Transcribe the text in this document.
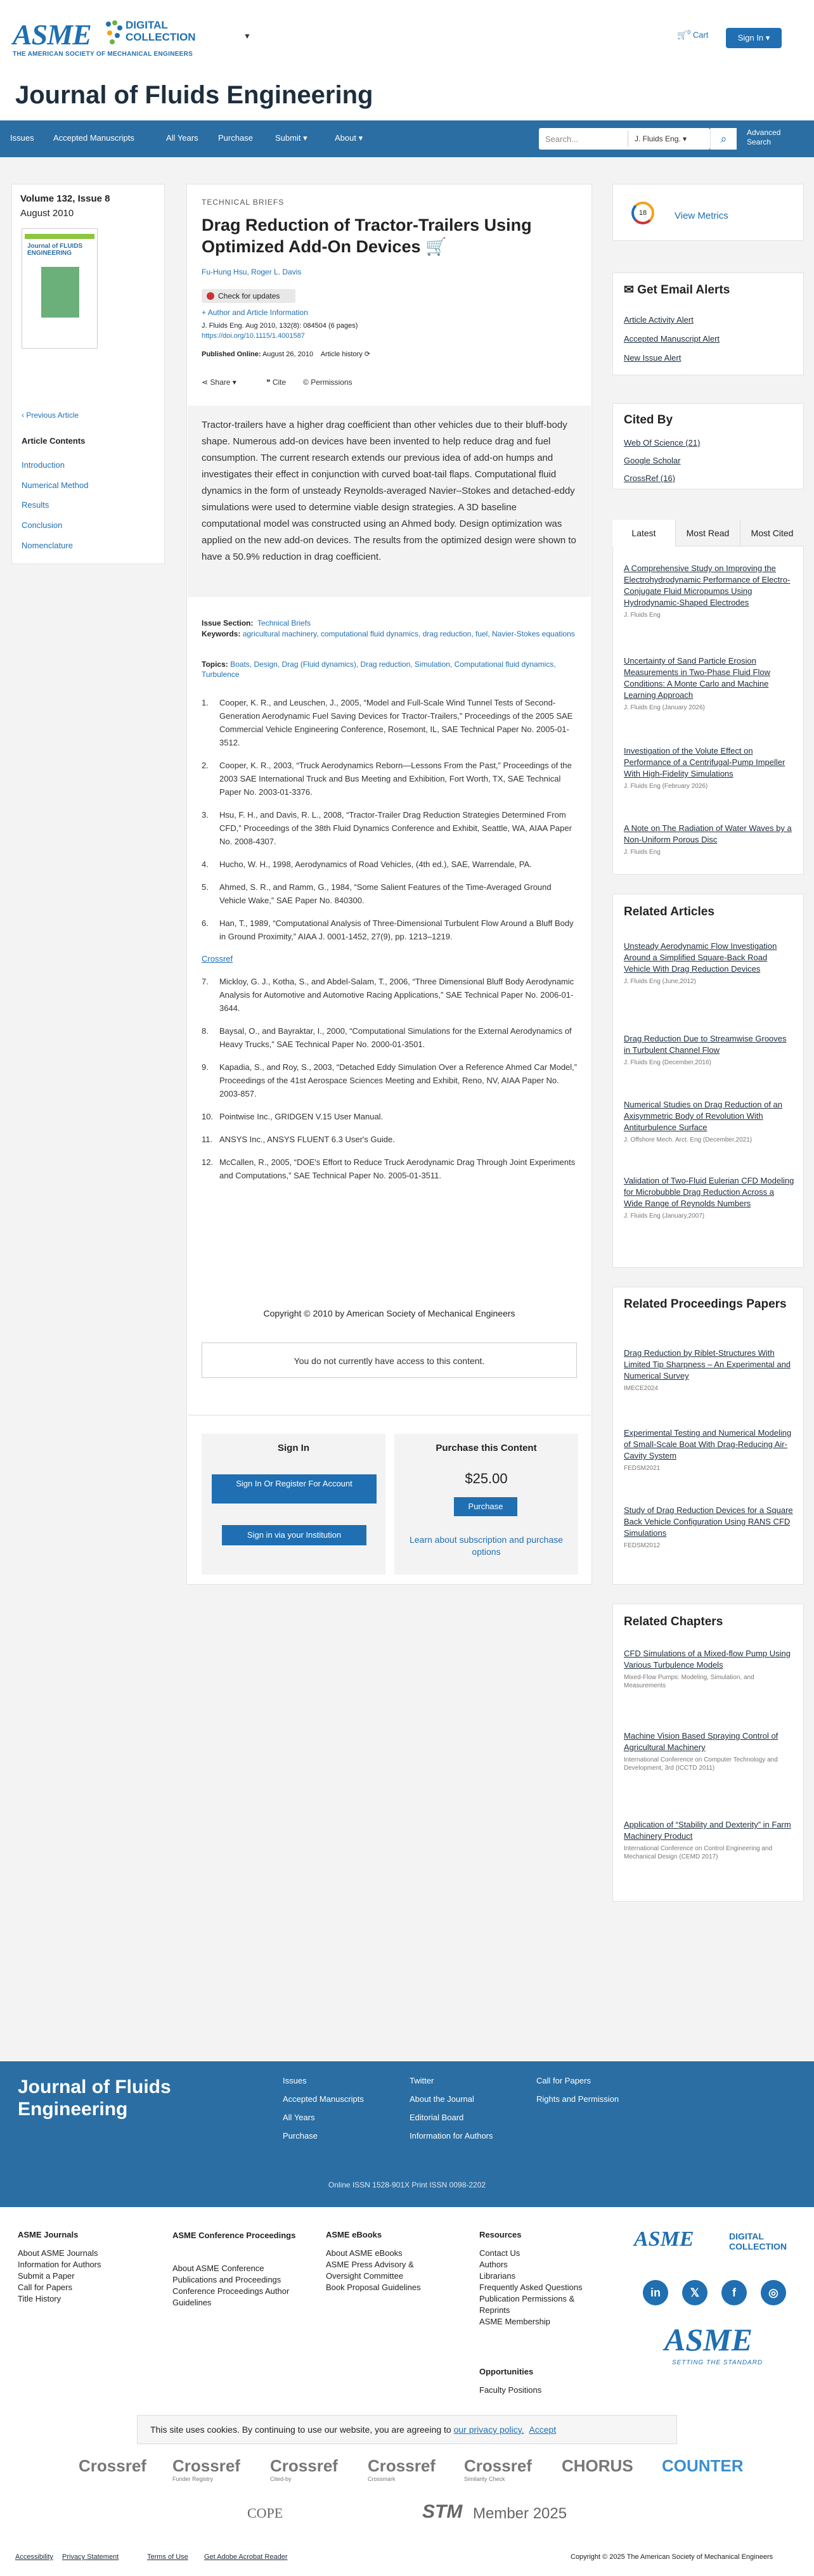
ASME	DIGITAL
COLLECTION
THE AMERICAN SOCIETY OF MECHANICAL ENGINEERS
▼	🛒$^0$ Cart	Sign In ▾
Journal of Fluids Engineering
Issues Accepted Manuscripts	All Years Purchase	Submit ▾	About ▾	Search...	J. Fluids Eng. ▾	⌕	Advanced
Search
Volume 132, Issue 8
August 2010
Journal of FLUIDS ENGINEERING
‹ Previous Article
Article Contents
Introduction
Numerical Method
Results
Conclusion
Nomenclature
TECHNICAL BRIEFS
Drag Reduction of Tractor-Trailers Using Optimized Add-On Devices 🛒
Fu-Hung Hsu, Roger L. Davis
Check for updates
+ Author and Article Information
J. Fluids Eng. Aug 2010, 132(8): 084504 (6 pages)
https://doi.org/10.1115/1.4001587
Published Online: August 26, 2010 Article history ⟳
⋖ Share ▾	❝ Cite © Permissions
Tractor-trailers have a higher drag coefficient than other vehicles due to their bluff-body shape. Numerous add-on devices have been invented to help reduce drag and fuel consumption. The current research extends our previous idea of add-on humps and investigates their effect in conjunction with curved boat-tail flaps. Computational fluid dynamics in the form of unsteady Reynolds-averaged Navier–Stokes and detached-eddy simulations were used to determine viable design strategies. A 3D baseline computational model was constructed using an Ahmed body. Design optimization was applied on the new add-on devices. The results from the optimized design were shown to have a 50.9% reduction in drag coefficient.
Issue Section: Technical Briefs
Keywords: agricultural machinery, computational fluid dynamics, drag reduction, fuel, Navier-Stokes equations
Topics: Boats, Design, Drag (Fluid dynamics), Drag reduction, Simulation, Computational fluid dynamics, Turbulence
1. Cooper, K. R., and Leuschen, J., 2005, “Model and Full-Scale Wind Tunnel Tests of Second-Generation Aerodynamic Fuel Saving Devices for Tractor-Trailers,” Proceedings of the 2005 SAE Commercial Vehicle Engineering Conference, Rosemont, IL, SAE Technical Paper No. 2005-01-3512.
2. Cooper, K. R., 2003, “Truck Aerodynamics Reborn—Lessons From the Past,” Proceedings of the 2003 SAE International Truck and Bus Meeting and Exhibition, Fort Worth, TX, SAE Technical Paper No. 2003-01-3376.
3. Hsu, F. H., and Davis, R. L., 2008, “Tractor-Trailer Drag Reduction Strategies Determined From CFD,” Proceedings of the 38th Fluid Dynamics Conference and Exhibit, Seattle, WA, AIAA Paper No. 2008-4307.
4. Hucho, W. H., 1998, Aerodynamics of Road Vehicles, (4th ed.), SAE, Warrendale, PA.
5. Ahmed, S. R., and Ramm, G., 1984, “Some Salient Features of the Time-Averaged Ground Vehicle Wake,” SAE Paper No. 840300.
6. Han, T., 1989, “Computational Analysis of Three-Dimensional Turbulent Flow Around a Bluff Body in Ground Proximity,” AIAA J. 0001-1452, 27(9), pp. 1213–1219.
Crossref
7. Mickloy, G. J., Kotha, S., and Abdel-Salam, T., 2006, “Three Dimensional Bluff Body Aerodynamic Analysis for Automotive and Automotive Racing Applications,” SAE Technical Paper No. 2006-01-3644.
8. Baysal, O., and Bayraktar, I., 2000, “Computational Simulations for the External Aerodynamics of Heavy Trucks,” SAE Technical Paper No. 2000-01-3501.
9. Kapadia, S., and Roy, S., 2003, “Detached Eddy Simulation Over a Reference Ahmed Car Model,” Proceedings of the 41st Aerospace Sciences Meeting and Exhibit, Reno, NV, AIAA Paper No. 2003-857.
10. Pointwise Inc., GRIDGEN V.15 User Manual.
11. ANSYS Inc., ANSYS FLUENT 6.3 User's Guide.
12. McCallen, R., 2005, “DOE's Effort to Reduce Truck Aerodynamic Drag Through Joint Experiments and Computations,” SAE Technical Paper No. 2005-01-3511.
Copyright © 2010 by American Society of Mechanical Engineers
You do not currently have access to this content.
Sign In
Sign In Or Register For Account
Sign in via your Institution
Purchase this Content
$25.00
Purchase
Learn about subscription and purchase options
18	View Metrics
✉ Get Email Alerts
Article Activity Alert
Accepted Manuscript Alert
New Issue Alert
Cited By
Web Of Science (21)
Google Scholar
CrossRef (16)
Latest	Most Read	Most Cited
A Comprehensive Study on Improving the Electrohydrodynamic Performance of Electro-Conjugate Fluid Micropumps Using Hydrodynamic-Shaped Electrodes
J. Fluids Eng
Uncertainty of Sand Particle Erosion Measurements in Two-Phase Fluid Flow Conditions: A Monte Carlo and Machine Learning Approach
J. Fluids Eng (January 2026)
Investigation of the Volute Effect on Performance of a Centrifugal-Pump Impeller With High-Fidelity Simulations
J. Fluids Eng (February 2026)
A Note on The Radiation of Water Waves by a Non-Uniform Porous Disc
J. Fluids Eng
Related Articles
Unsteady Aerodynamic Flow Investigation Around a Simplified Square-Back Road Vehicle With Drag Reduction Devices
J. Fluids Eng (June,2012)
Drag Reduction Due to Streamwise Grooves in Turbulent Channel Flow
J. Fluids Eng (December,2016)
Numerical Studies on Drag Reduction of an Axisymmetric Body of Revolution With Antiturbulence Surface
J. Offshore Mech. Arct. Eng (December,2021)
Validation of Two-Fluid Eulerian CFD Modeling for Microbubble Drag Reduction Across a Wide Range of Reynolds Numbers
J. Fluids Eng (January,2007)
Related Proceedings Papers
Drag Reduction by Riblet-Structures With Limited Tip Sharpness – An Experimental and Numerical Survey
IMECE2024
Experimental Testing and Numerical Modeling of Small-Scale Boat With Drag-Reducing Air-Cavity System
FEDSM2021
Study of Drag Reduction Devices for a Square Back Vehicle Configuration Using RANS CFD Simulations
FEDSM2012
Related Chapters
CFD Simulations of a Mixed-flow Pump Using Various Turbulence Models
Mixed-Flow Pumps: Modeling, Simulation, and Measurements
Machine Vision Based Spraying Control of Agricultural Machinery
International Conference on Computer Technology and Development, 3rd (ICCTD 2011)
Application of “Stability and Dexterity” in Farm Machinery Product
International Conference on Control Engineering and Mechanical Design (CEMD 2017)
Journal of Fluids Engineering
Issues
Accepted Manuscripts
All Years
Purchase
Twitter
About the Journal
Editorial Board
Information for Authors
Call for Papers
Rights and Permission
Online ISSN 1528-901X Print ISSN 0098-2202
ASME Journals
About ASME Journals
Information for Authors
Submit a Paper
Call for Papers
Title History
ASME Conference Proceedings
About ASME Conference Publications and Proceedings
Conference Proceedings Author Guidelines
ASME eBooks
About ASME eBooks
ASME Press Advisory & Oversight Committee
Book Proposal Guidelines
Resources
Contact Us
Authors
Librarians
Frequently Asked Questions
Publication Permissions & Reprints
ASME Membership
Opportunities
Faculty Positions
ASME	DIGITAL
COLLECTION
in	𝕏	f	◎
ASME
SETTING THE STANDARD
This site uses cookies. By continuing to use our website, you are agreeing to our privacy policy. Accept
Crossref Crossref
Funder Registry
Crossref
Cited-by
Crossref
Crossmark
Crossref
Similarity Check
CHORUS COUNTER
COPE	STM Member 2025
Accessibility Privacy Statement	Terms of Use Get Adobe Acrobat Reader	Copyright © 2025 The American Society of Mechanical Engineers
